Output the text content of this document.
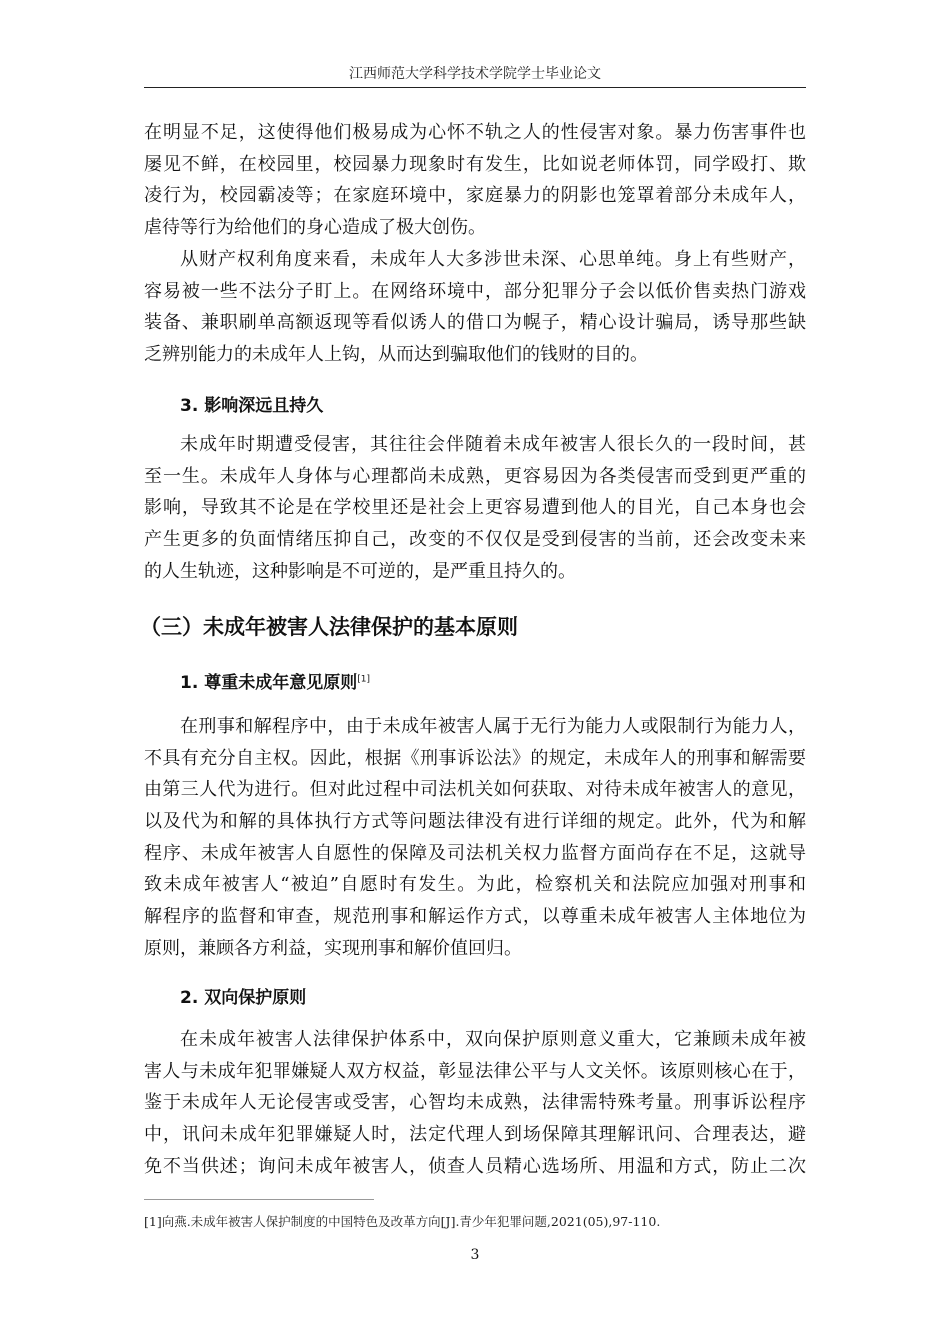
江西师范大学科学技术学院学士毕业论文
在明显不足，这使得他们极易成为心怀不轨之人的性侵害对象。暴力伤害事件也
屡见不鲜，在校园里，校园暴力现象时有发生，比如说老师体罚，同学殴打、欺
凌行为，校园霸凌等；在家庭环境中，家庭暴力的阴影也笼罩着部分未成年人，
虐待等行为给他们的身心造成了极大创伤。
从财产权利角度来看，未成年人大多涉世未深、心思单纯。身上有些财产，
容易被一些不法分子盯上。在网络环境中，部分犯罪分子会以低价售卖热门游戏
装备、兼职刷单高额返现等看似诱人的借口为幌子，精心设计骗局，诱导那些缺
乏辨别能力的未成年人上钩，从而达到骗取他们的钱财的目的。
3. 影响深远且持久
未成年时期遭受侵害，其往往会伴随着未成年被害人很长久的一段时间，甚
至一生。未成年人身体与心理都尚未成熟，更容易因为各类侵害而受到更严重的
影响，导致其不论是在学校里还是社会上更容易遭到他人的目光，自己本身也会
产生更多的负面情绪压抑自己，改变的不仅仅是受到侵害的当前，还会改变未来
的人生轨迹，这种影响是不可逆的，是严重且持久的。
（三）未成年被害人法律保护的基本原则
1. 尊重未成年意见原则[1]
在刑事和解程序中，由于未成年被害人属于无行为能力人或限制行为能力人，
不具有充分自主权。因此，根据《刑事诉讼法》的规定，未成年人的刑事和解需要
由第三人代为进行。但对此过程中司法机关如何获取、对待未成年被害人的意见，
以及代为和解的具体执行方式等问题法律没有进行详细的规定。此外，代为和解
程序、未成年被害人自愿性的保障及司法机关权力监督方面尚存在不足，这就导
致未成年被害人“被迫”自愿时有发生。为此，检察机关和法院应加强对刑事和
解程序的监督和审查，规范刑事和解运作方式，以尊重未成年被害人主体地位为
原则，兼顾各方利益，实现刑事和解价值回归。
2. 双向保护原则
在未成年被害人法律保护体系中，双向保护原则意义重大，它兼顾未成年被
害人与未成年犯罪嫌疑人双方权益，彰显法律公平与人文关怀。该原则核心在于，
鉴于未成年人无论侵害或受害，心智均未成熟，法律需特殊考量。刑事诉讼程序
中，讯问未成年犯罪嫌疑人时，法定代理人到场保障其理解讯问、合理表达，避
免不当供述；询问未成年被害人，侦查人员精心选场所、用温和方式，防止二次
[1]向燕.未成年被害人保护制度的中国特色及改革方向[J].青少年犯罪问题,2021(05),97-110.
3
